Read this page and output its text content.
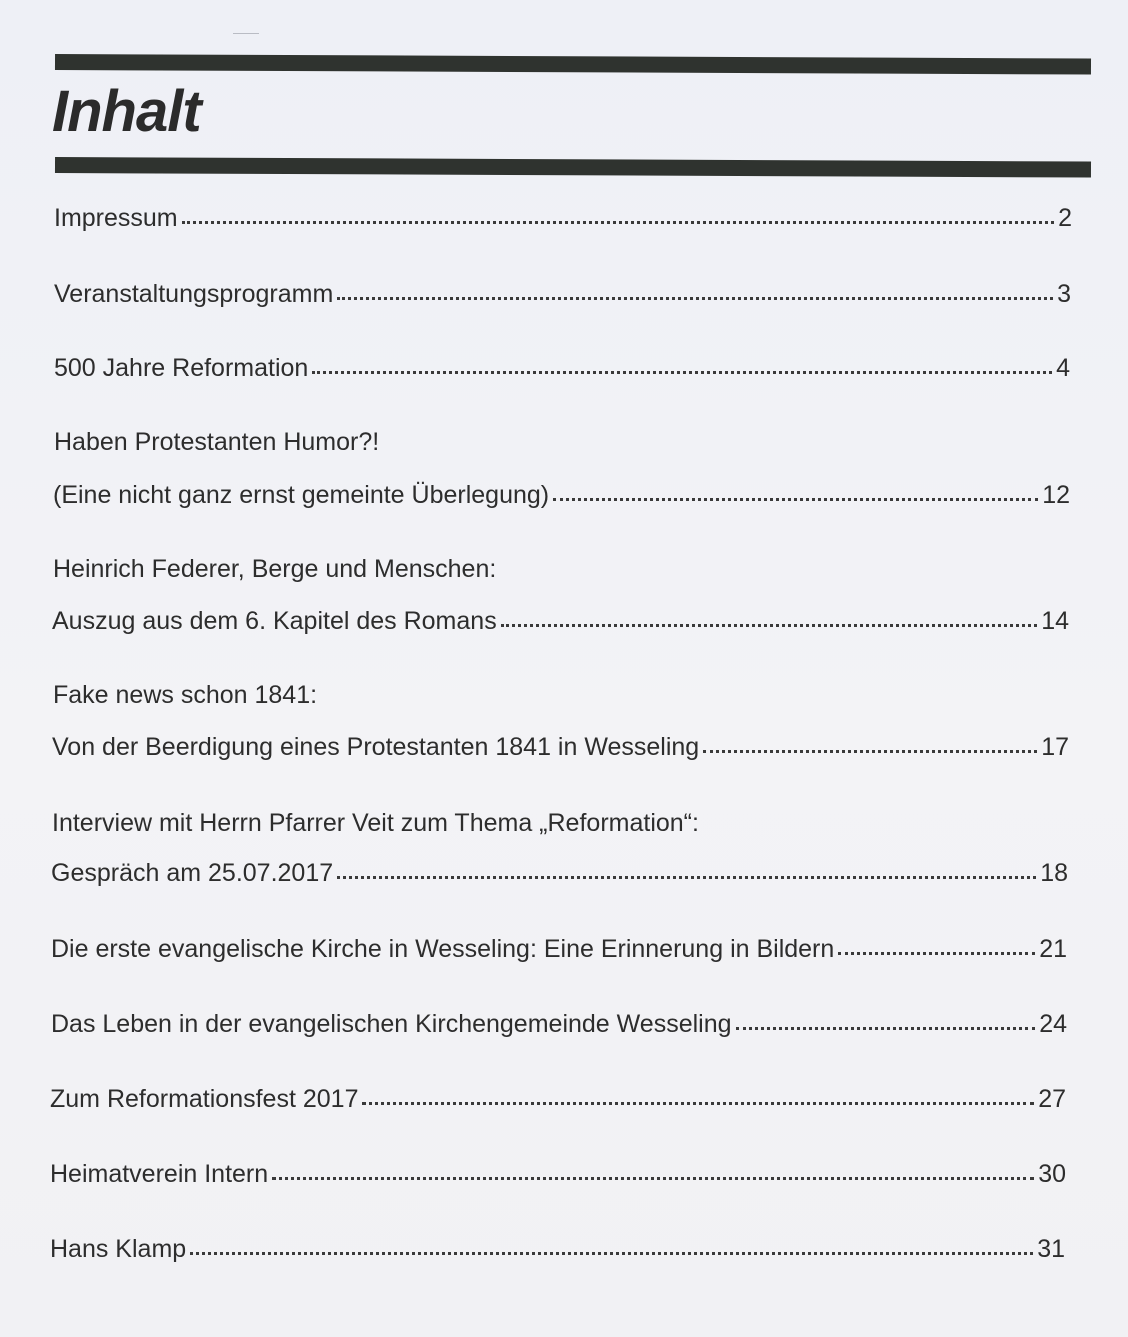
Inhalt
Impressum	2
Veranstaltungsprogramm	3
500 Jahre Reformation	4
Haben Protestanten Humor?!
(Eine nicht ganz ernst gemeinte Überlegung)	12
Heinrich Federer, Berge und Menschen:
Auszug aus dem 6. Kapitel des Romans	14
Fake news schon 1841:
Von der Beerdigung eines Protestanten 1841 in Wesseling	17
Interview mit Herrn Pfarrer Veit zum Thema „Reformation“:
Gespräch am 25.07.2017	18
Die erste evangelische Kirche in Wesseling: Eine Erinnerung in Bildern	21
Das Leben in der evangelischen Kirchengemeinde Wesseling	24
Zum Reformationsfest 2017	27
Heimatverein Intern	30
Hans Klamp	31
